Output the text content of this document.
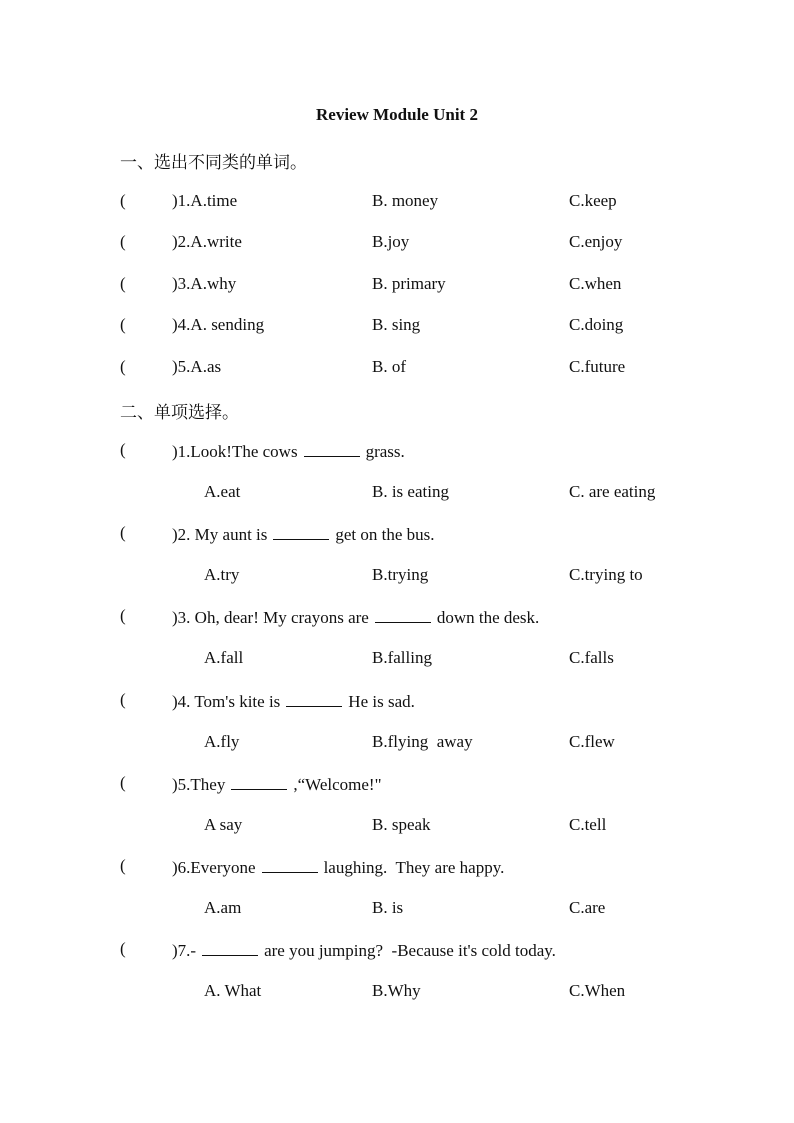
Review Module Unit 2
一、选出不同类的单词。
(	)1.A.time	B. money	C.keep
(	)2.A.write	B.joy	C.enjoy
(	)3.A.why	B. primary	C.when
(	)4.A. sending	B. sing	C.doing
(	)5.A.as	B. of	C.future
二、单项选择。
(	)1.Look!The cows	grass.
A.eat	B. is eating	C. are eating
(	)2. My aunt is	get on the bus.
A.try	B.trying	C.trying to
(	)3. Oh, dear! My crayons are	down the desk.
A.fall	B.falling	C.falls
(	)4. Tom's kite is	He is sad.
A.fly	B.flying  away	C.flew
(	)5.They	,“Welcome!"
A say	B. speak	C.tell
(	)6.Everyone	laughing.  They are happy.
A.am	B. is	C.are
(	)7.-	are you jumping?  -Because it's cold today.
A. What	B.Why	C.When
